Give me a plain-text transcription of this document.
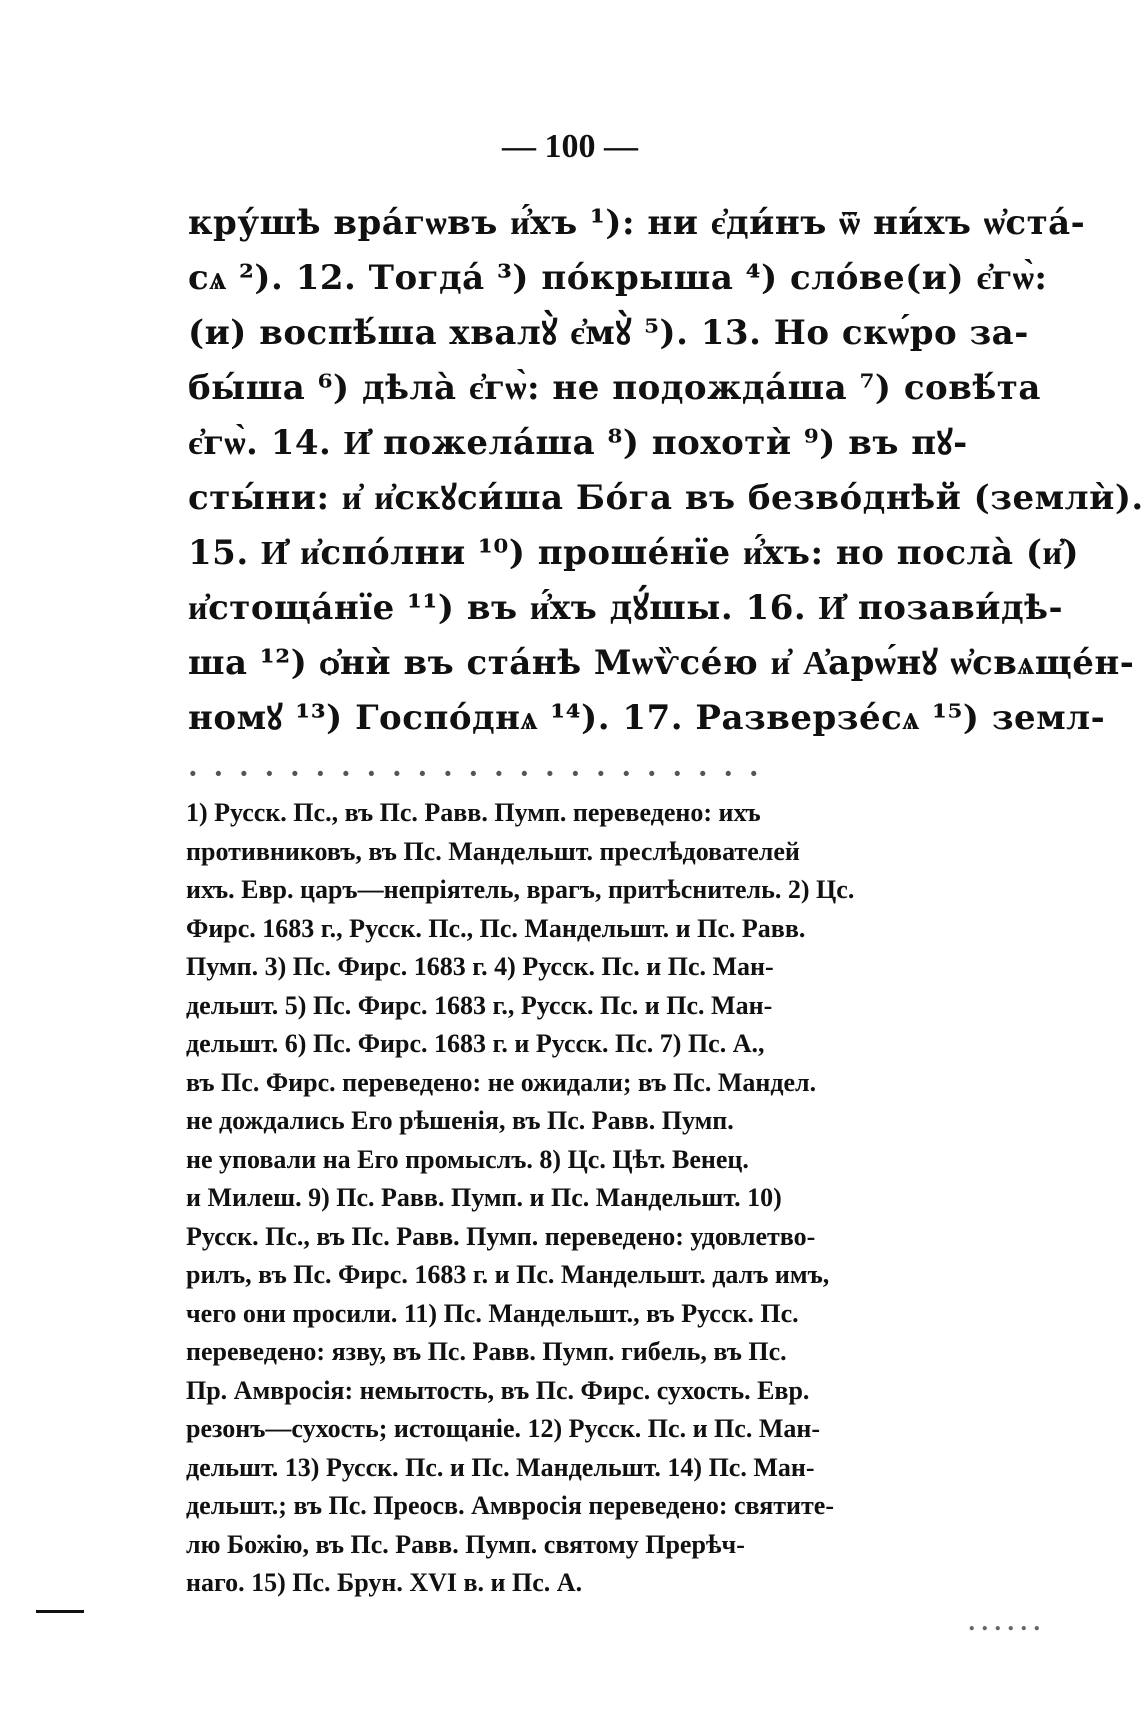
— 100 —
кру́шѣ вра́гѡвъ и҆́хъ ¹): ни є҆ди́нъ ѿ ни́хъ ѡ҆ста́-
сѧ ²). 12. Тогда́ ³) по́крыша ⁴) сло́ве(и) є҆гѡ̀:
(и) воспѣ́ша хвалꙋ̀ є҆мꙋ̀ ⁵). 13. Но скѡ́ро за-
бы́ша ⁶) дѣла̀ є҆гѡ̀: не подожда́ша ⁷) совѣ́та
є҆гѡ̀. 14. И҆ пожела́ша ⁸) похотѝ ⁹) въ пꙋ-
сты́ни: и҆ и҆скꙋси́ша Бо́га въ безво́днѣй (землѝ).
15. И҆ и҆спо́лни ¹⁰) проше́нїе и҆́хъ: но посла̀ (и҆)
и҆стоща́нїе ¹¹) въ и҆́хъ дꙋ́шы. 16. И҆ позави́дѣ-
ша ¹²) ѻ҆нѝ въ ста́нѣ Мѡѷсе́ю и҆ А҆арѡ́нꙋ ѡ҆свѧще́н-
номꙋ ¹³) Госпо́днѧ ¹⁴). 17. Разверзе́сѧ ¹⁵) земл-
· · · · · · · · · · · · · · · · · · · · · · ·
1) Русск. Пс., въ Пс. Равв. Пумп. переведено: ихъ
противниковъ, въ Пс. Мандельшт. преслѣдователей
ихъ. Евр. царъ—непріятель, врагъ, притѣснитель. 2) Цс.
Фирс. 1683 г., Русск. Пс., Пс. Мандельшт. и Пс. Равв.
Пумп. 3) Пс. Фирс. 1683 г. 4) Русск. Пс. и Пс. Ман-
дельшт. 5) Пс. Фирс. 1683 г., Русск. Пс. и Пс. Ман-
дельшт. 6) Пс. Фирс. 1683 г. и Русск. Пс. 7) Пс. А.,
въ Пс. Фирс. переведено: не ожидали; въ Пс. Мандел.
не дождались Его рѣшенія, въ Пс. Равв. Пумп.
не уповали на Его промыслъ. 8) Цс. Цѣт. Венец.
и Милеш. 9) Пс. Равв. Пумп. и Пс. Мандельшт. 10)
Русск. Пс., въ Пс. Равв. Пумп. переведено: удовлетво-
рилъ, въ Пс. Фирс. 1683 г. и Пс. Мандельшт. далъ имъ,
чего они просили. 11) Пс. Мандельшт., въ Русск. Пс.
переведено: язву, въ Пс. Равв. Пумп. гибель, въ Пс.
Пр. Амвросія: немытость, въ Пс. Фирс. сухость. Евр.
резонъ—сухость; истощаніе. 12) Русск. Пс. и Пс. Ман-
дельшт. 13) Русск. Пс. и Пс. Мандельшт. 14) Пс. Ман-
дельшт.; въ Пс. Преосв. Амвросія переведено: святите-
лю Божію, въ Пс. Равв. Пумп. святому Прерѣч-
наго. 15) Пс. Брун. XVI в. и Пс. А.
. . . . . .
